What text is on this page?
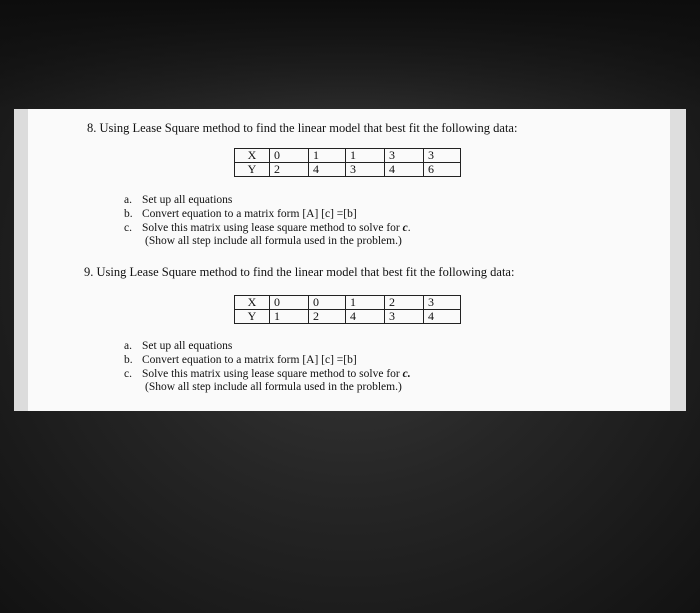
8. Using Lease Square method to find the linear model that best fit the following data:
X	0	1	1	3	3
Y	2	4	3	4	6
a. Set up all equations
b. Convert equation to a matrix form [A] [c] =[b]
c. Solve this matrix using lease square method to solve for c.
(Show all step include all formula used in the problem.)
9. Using Lease Square method to find the linear model that best fit the following data:
X	0	0	1	2	3
Y	1	2	4	3	4
a. Set up all equations
b. Convert equation to a matrix form [A] [c] =[b]
c. Solve this matrix using lease square method to solve for c.
(Show all step include all formula used in the problem.)
